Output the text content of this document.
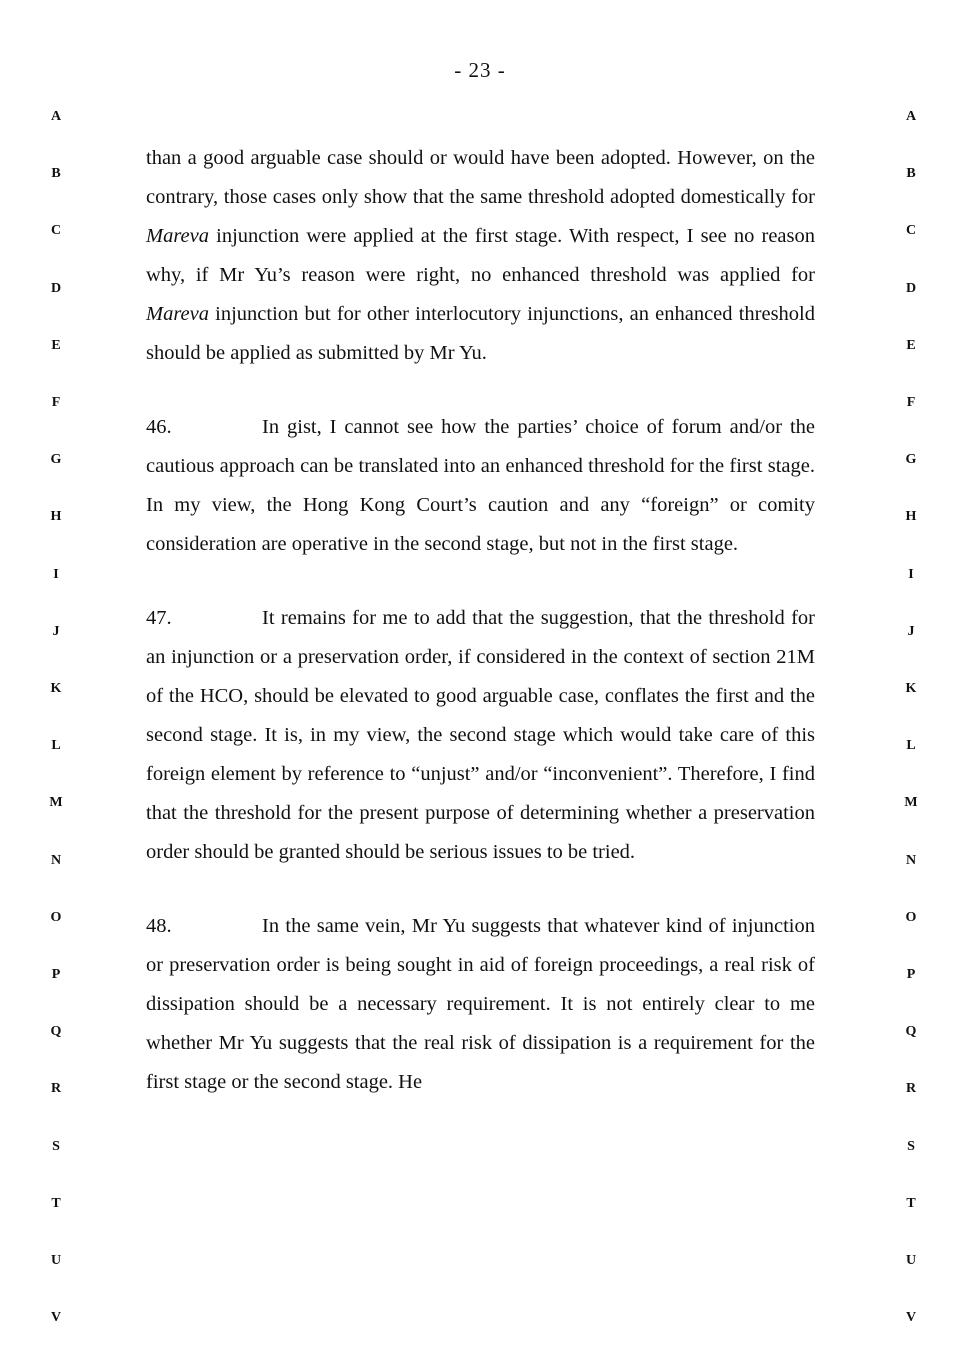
- 23 -
A
B
C
D
E
F
G
H
I
J
K
L
M
N
O
P
Q
R
S
T
U
V
A
B
C
D
E
F
G
H
I
J
K
L
M
N
O
P
Q
R
S
T
U
V

than a good arguable case should or would have been adopted. However, on the contrary, those cases only show that the same threshold adopted domestically for Mareva injunction were applied at the first stage. With respect, I see no reason why, if Mr Yu’s reason were right, no enhanced threshold was applied for Mareva injunction but for other interlocutory injunctions, an enhanced threshold should be applied as submitted by Mr Yu.

46.	In gist, I cannot see how the parties’ choice of forum and/or the cautious approach can be translated into an enhanced threshold for the first stage. In my view, the Hong Kong Court’s caution and any “foreign” or comity consideration are operative in the second stage, but not in the first stage.

47.	It remains for me to add that the suggestion, that the threshold for an injunction or a preservation order, if considered in the context of section 21M of the HCO, should be elevated to good arguable case, conflates the first and the second stage. It is, in my view, the second stage which would take care of this foreign element by reference to “unjust” and/or “inconvenient”. Therefore, I find that the threshold for the present purpose of determining whether a preservation order should be granted should be serious issues to be tried.

48.	In the same vein, Mr Yu suggests that whatever kind of injunction or preservation order is being sought in aid of foreign proceedings, a real risk of dissipation should be a necessary requirement. It is not entirely clear to me whether Mr Yu suggests that the real risk of dissipation is a requirement for the first stage or the second stage. He
